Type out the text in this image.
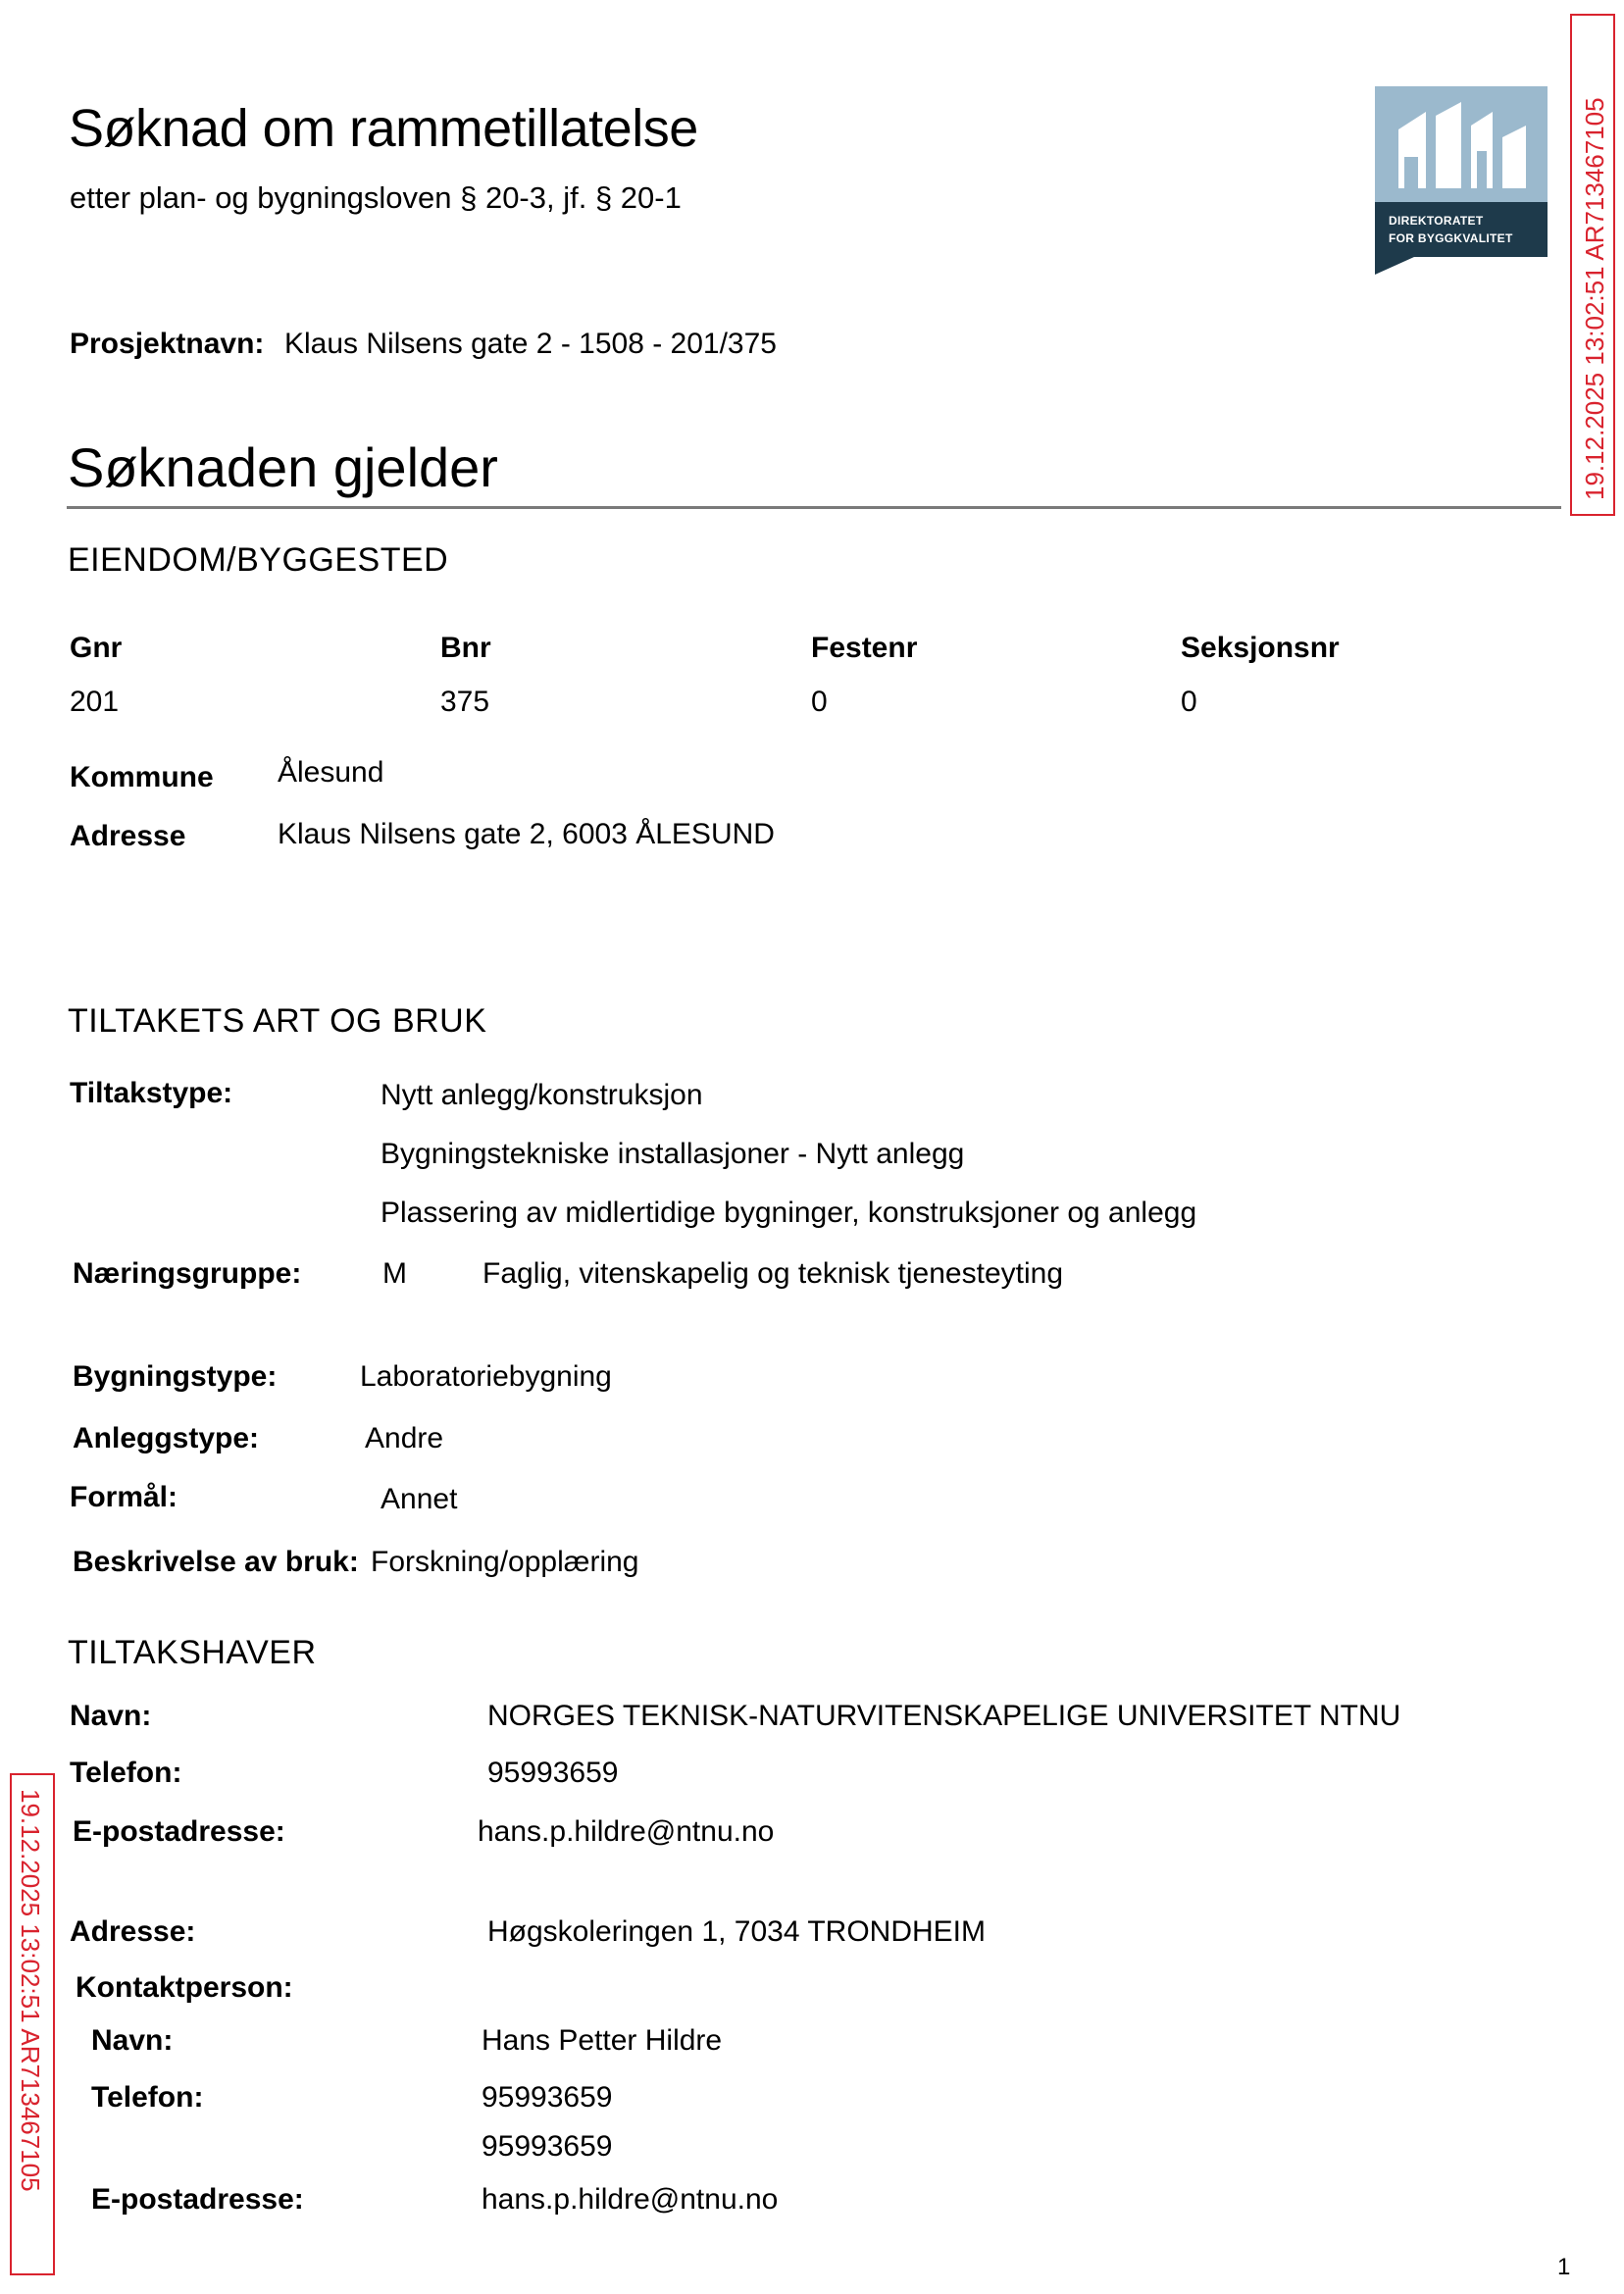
Søknad om rammetillatelse
etter plan- og bygningsloven § 20-3, jf. § 20-1
DIREKTORATET
FOR BYGGKVALITET
Prosjektnavn: Klaus Nilsens gate 2 - 1508 - 201/375
Søknaden gjelder
EIENDOM/BYGGESTED
Gnr	Bnr	Festenr	Seksjonsnr
201	375	0	0
Kommune Ålesund
Adresse	Klaus Nilsens gate 2, 6003 ÅLESUND
TILTAKETS ART OG BRUK
Tiltakstype:	Nytt anlegg/konstruksjon
Bygningstekniske installasjoner - Nytt anlegg
Plassering av midlertidige bygninger, konstruksjoner og anlegg
Næringsgruppe:	M	Faglig, vitenskapelig og teknisk tjenesteyting
Bygningstype:	Laboratoriebygning
Anleggstype:	Andre
Formål:	Annet
Beskrivelse av bruk: Forskning/opplæring
TILTAKSHAVER
Navn:	NORGES TEKNISK-NATURVITENSKAPELIGE UNIVERSITET NTNU
Telefon:	95993659
E-postadresse:	hans.p.hildre@ntnu.no
Adresse:	Høgskoleringen 1, 7034 TRONDHEIM
Kontaktperson:
Navn:	Hans Petter Hildre
Telefon:	95993659
95993659
E-postadresse:	hans.p.hildre@ntnu.no
1
19.12.2025 13:02:51 AR713467105
19.12.2025 13:02:51 AR713467105
